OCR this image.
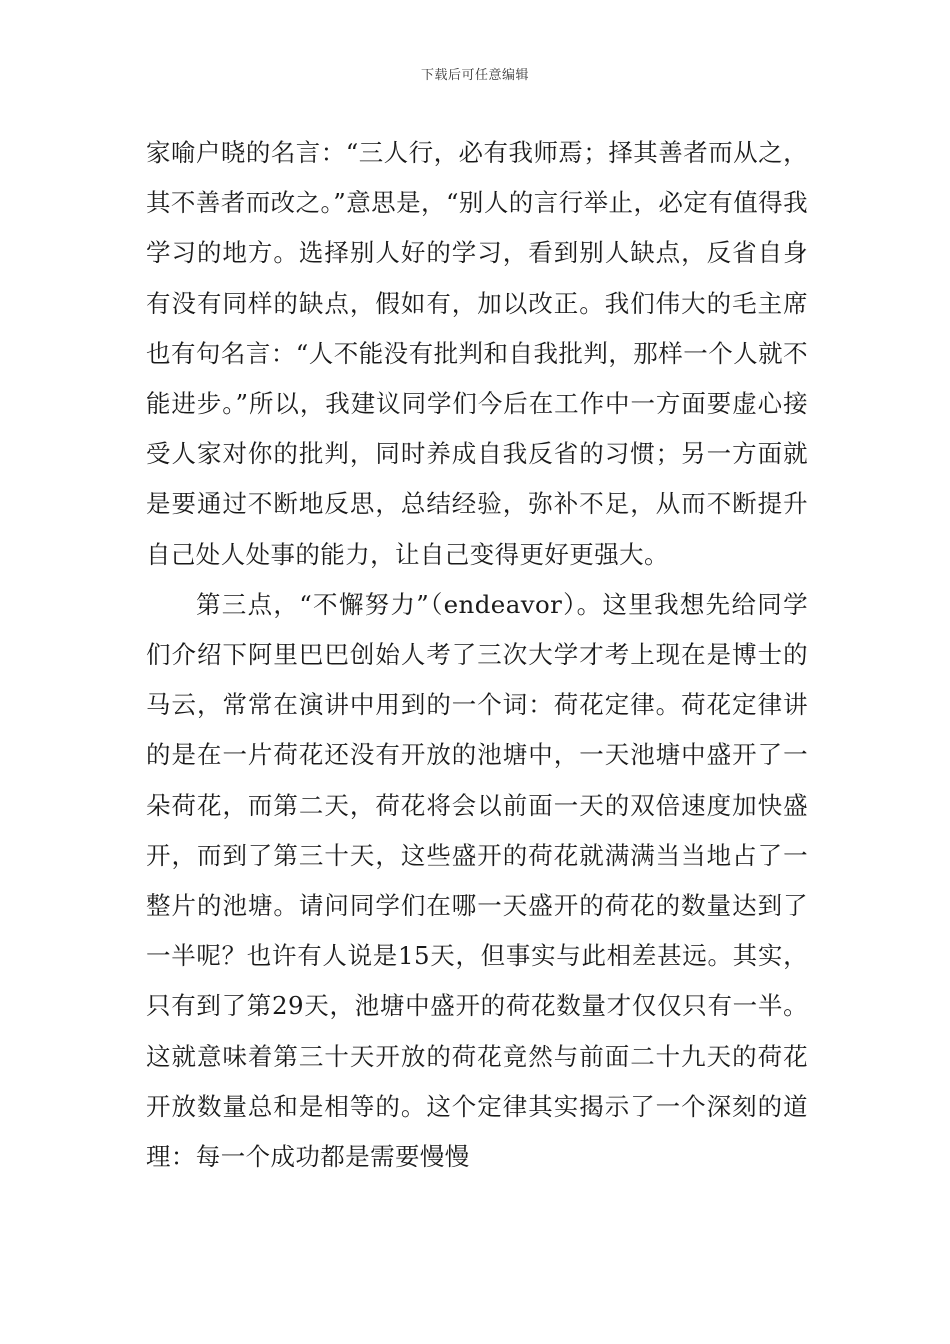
下载后可任意编辑

家喻户晓的名言：“三人行，必有我师焉；择其善者而从之，其不善者而改之。”意思是，“别人的言行举止，必定有值得我学习的地方。选择别人好的学习，看到别人缺点，反省自身有没有同样的缺点，假如有，加以改正。我们伟大的毛主席也有句名言：“人不能没有批判和自我批判，那样一个人就不能进步。”所以，我建议同学们今后在工作中一方面要虚心接受人家对你的批判，同时养成自我反省的习惯；另一方面就是要通过不断地反思，总结经验，弥补不足，从而不断提升自己处人处事的能力，让自己变得更好更强大。

第三点，“不懈努力”（endeavor）。这里我想先给同学们介绍下阿里巴巴创始人考了三次大学才考上现在是博士的马云，常常在演讲中用到的一个词：荷花定律。荷花定律讲的是在一片荷花还没有开放的池塘中，一天池塘中盛开了一朵荷花，而第二天，荷花将会以前面一天的双倍速度加快盛开，而到了第三十天，这些盛开的荷花就满满当当地占了一整片的池塘。请问同学们在哪一天盛开的荷花的数量达到了一半呢？也许有人说是15天，但事实与此相差甚远。其实，只有到了第29天，池塘中盛开的荷花数量才仅仅只有一半。这就意味着第三十天开放的荷花竟然与前面二十九天的荷花开放数量总和是相等的。这个定律其实揭示了一个深刻的道理：每一个成功都是需要慢慢
